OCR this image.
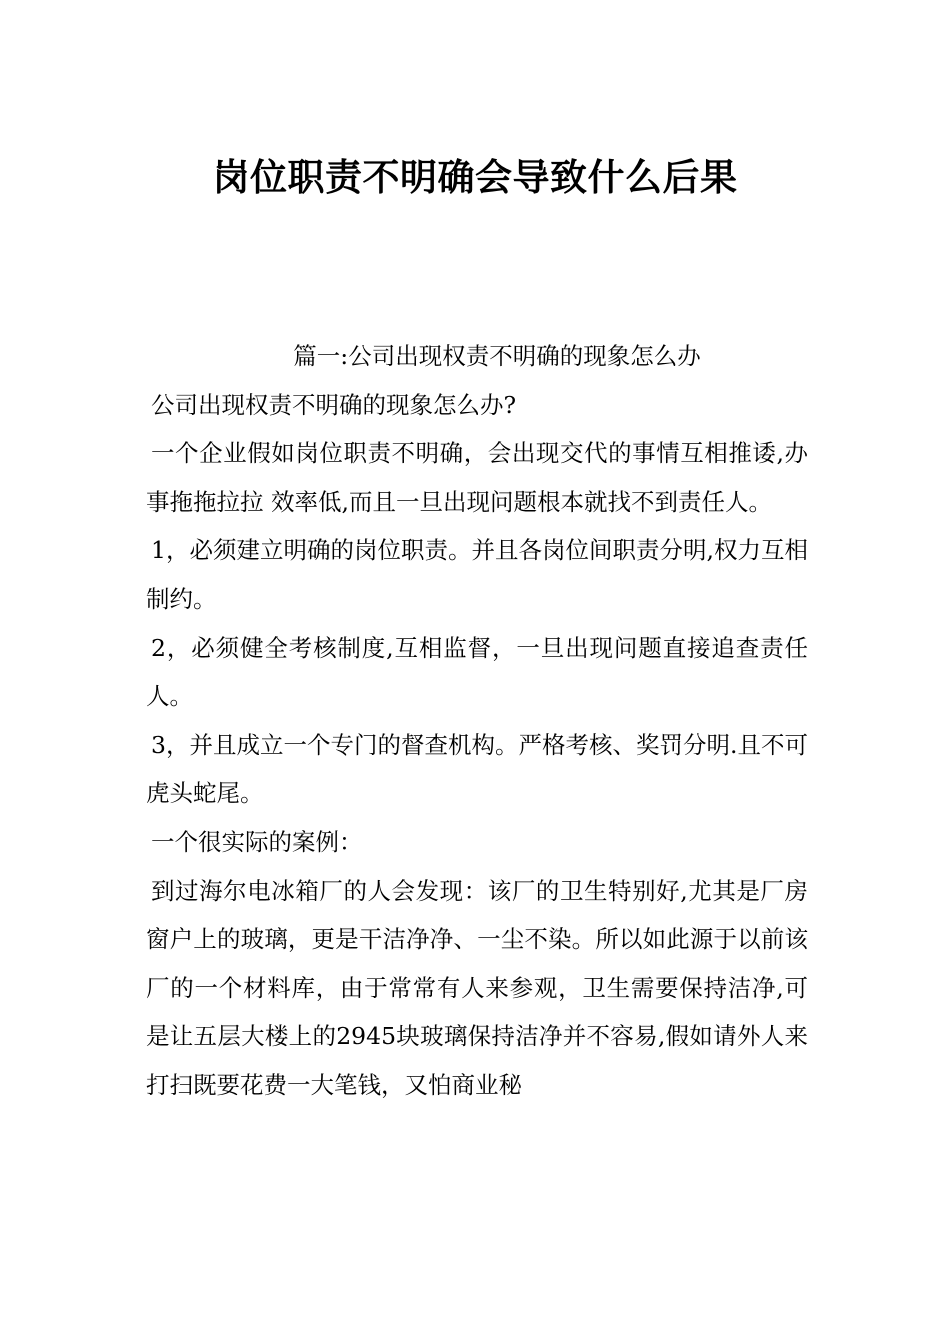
岗位职责不明确会导致什么后果

篇一:公司出现权责不明确的现象怎么办

公司出现权责不明确的现象怎么办?

一个企业假如岗位职责不明确，会出现交代的事情互相推诿,办事拖拖拉拉 效率低,而且一旦出现问题根本就找不到责任人。

1，必须建立明确的岗位职责。并且各岗位间职责分明,权力互相制约。

2，必须健全考核制度,互相监督，一旦出现问题直接追查责任人。

3，并且成立一个专门的督查机构。严格考核、奖罚分明.且不可虎头蛇尾。

一个很实际的案例：

到过海尔电冰箱厂的人会发现：该厂的卫生特别好,尤其是厂房窗户上的玻璃，更是干洁净净、一尘不染。所以如此源于以前该厂的一个材料库，由于常常有人来参观，卫生需要保持洁净,可是让五层大楼上的2945块玻璃保持洁净并不容易,假如请外人来打扫既要花费一大笔钱，又怕商业秘
